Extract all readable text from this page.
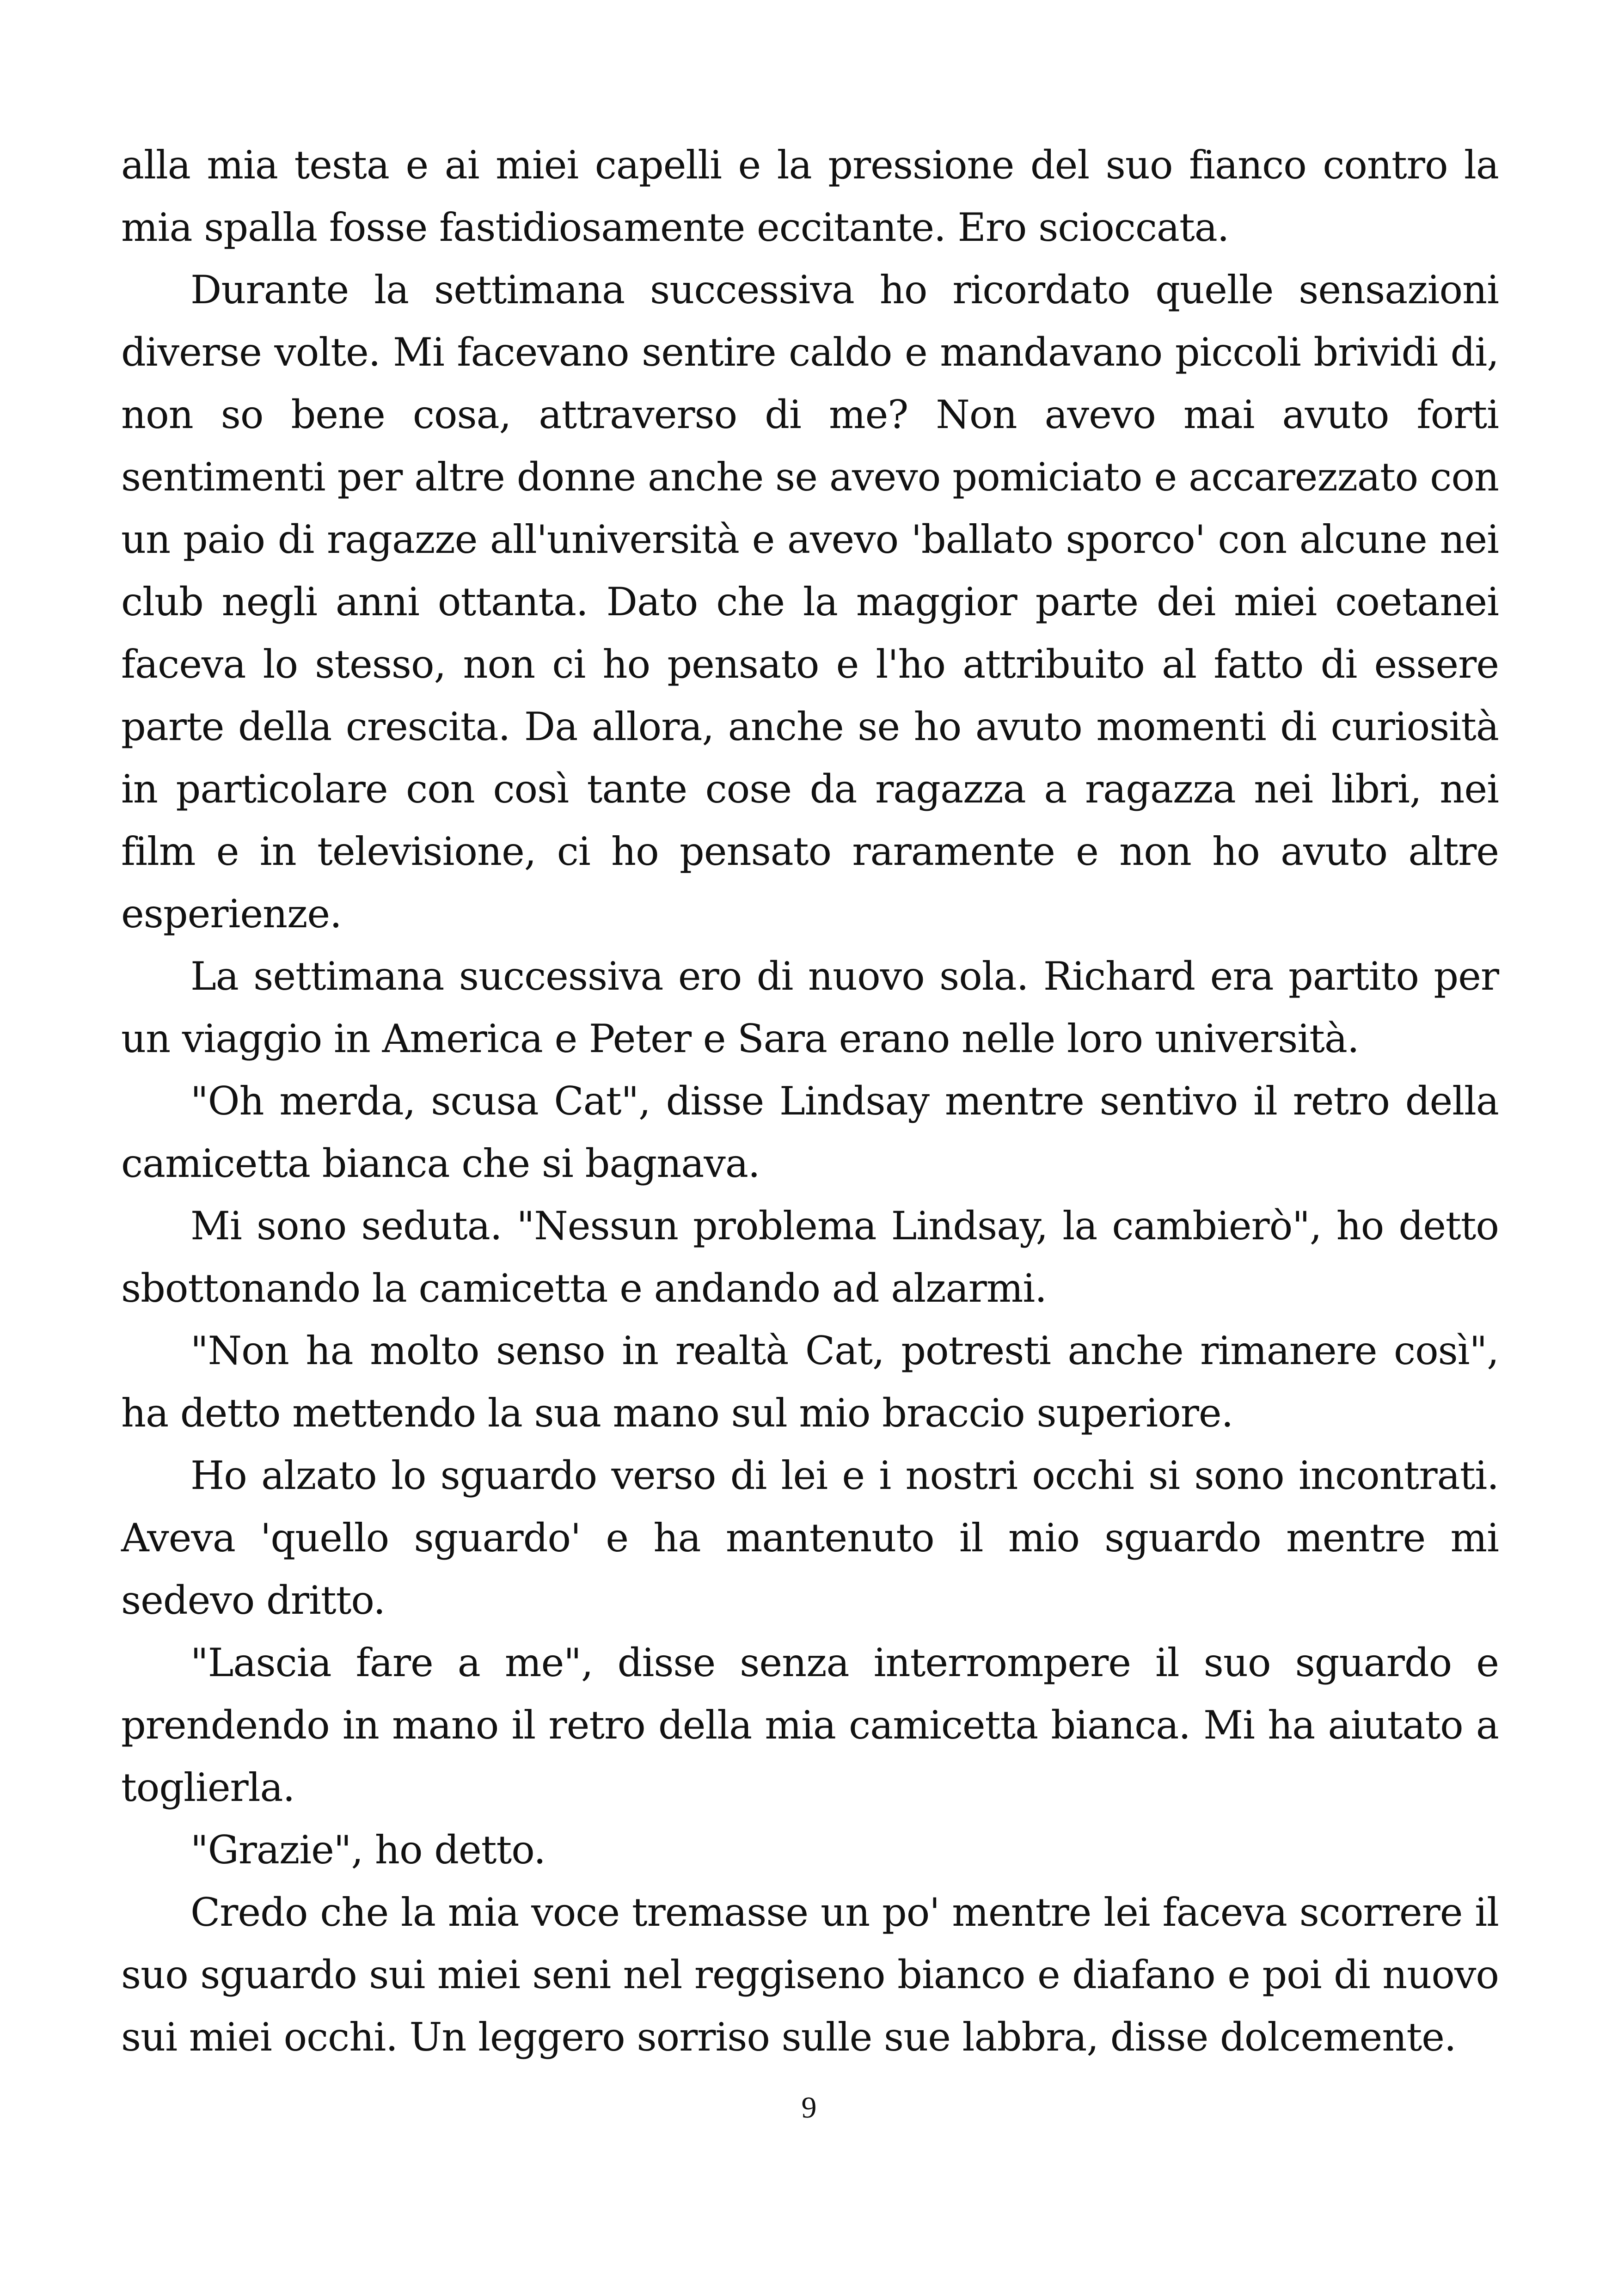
alla mia testa e ai miei capelli e la pressione del suo fianco contro la mia spalla fosse fastidiosamente eccitante. Ero scioccata.

Durante la settimana successiva ho ricordato quelle sensazioni diverse volte. Mi facevano sentire caldo e mandavano piccoli brividi di, non so bene cosa, attraverso di me? Non avevo mai avuto forti sentimenti per altre donne anche se avevo pomiciato e accarezzato con un paio di ragazze all'università e avevo 'ballato sporco' con alcune nei club negli anni ottanta. Dato che la maggior parte dei miei coetanei faceva lo stesso, non ci ho pensato e l'ho attribuito al fatto di essere parte della crescita. Da allora, anche se ho avuto momenti di curiosità in particolare con così tante cose da ragazza a ragazza nei libri, nei film e in televisione, ci ho pensato raramente e non ho avuto altre esperienze.

La settimana successiva ero di nuovo sola. Richard era partito per un viaggio in America e Peter e Sara erano nelle loro università.

"Oh merda, scusa Cat", disse Lindsay mentre sentivo il retro della camicetta bianca che si bagnava.

Mi sono seduta. "Nessun problema Lindsay, la cambierò", ho detto sbottonando la camicetta e andando ad alzarmi.

"Non ha molto senso in realtà Cat, potresti anche rimanere così", ha detto mettendo la sua mano sul mio braccio superiore.

Ho alzato lo sguardo verso di lei e i nostri occhi si sono incontrati. Aveva 'quello sguardo' e ha mantenuto il mio sguardo mentre mi sedevo dritto.

"Lascia fare a me", disse senza interrompere il suo sguardo e prendendo in mano il retro della mia camicetta bianca. Mi ha aiutato a toglierla.

"Grazie", ho detto.

Credo che la mia voce tremasse un po' mentre lei faceva scorrere il suo sguardo sui miei seni nel reggiseno bianco e diafano e poi di nuovo sui miei occhi. Un leggero sorriso sulle sue labbra, disse dolcemente.

9
